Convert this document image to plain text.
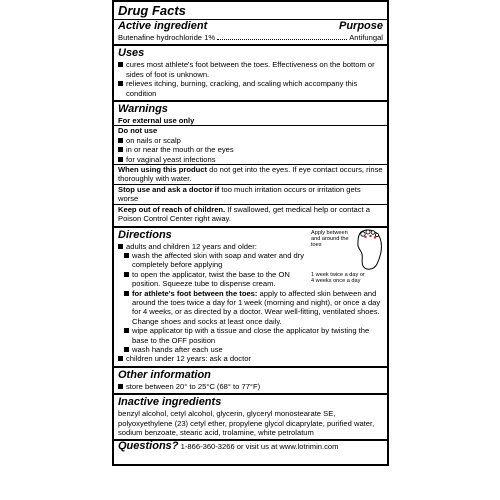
Drug Facts
Active ingredient	Purpose
Butenafine hydrochloride 1%	Antifungal
Uses
cures most athlete's foot between the toes. Effectiveness on the bottom or sides of foot is unknown.
relieves itching, burning, cracking, and scaling which accompany this condition
Warnings
For external use only
Do not use
on nails or scalp
in or near the mouth or the eyes
for vaginal yeast infections
When using this product do not get into the eyes. If eye contact occurs, rinse thoroughly with water.
Stop use and ask a doctor if too much irritation occurs or irritation gets worse
Keep out of reach of children. If swallowed, get medical help or contact a Poison Control Center right away.
Directions	Apply between and around the toes
1 week twice a day or 4 weeks once a day
adults and children 12 years and older:
wash the affected skin with soap and water and dry completely before applying
to open the applicator, twist the base to the ON position. Squeeze tube to dispense cream.
for athlete's foot between the toes: apply to affected skin between and around the toes twice a day for 1 week (morning and night), or once a day for 4 weeks, or as directed by a doctor. Wear well-fitting, ventilated shoes. Change shoes and socks at least once daily.
wipe applicator tip with a tissue and close the applicator by twisting the base to the OFF position
wash hands after each use
children under 12 years: ask a doctor
Other information
store between 20° to 25°C (68° to 77°F)
Inactive ingredients
benzyl alcohol, cetyl alcohol, glycerin, glyceryl monostearate SE, polyoxyethylene (23) cetyl ether, propylene glycol dicaprylate, purified water, sodium benzoate, stearic acid, trolamine, white petrolatum
Questions? 1-866-360-3266 or visit us at www.lotrimin.com
